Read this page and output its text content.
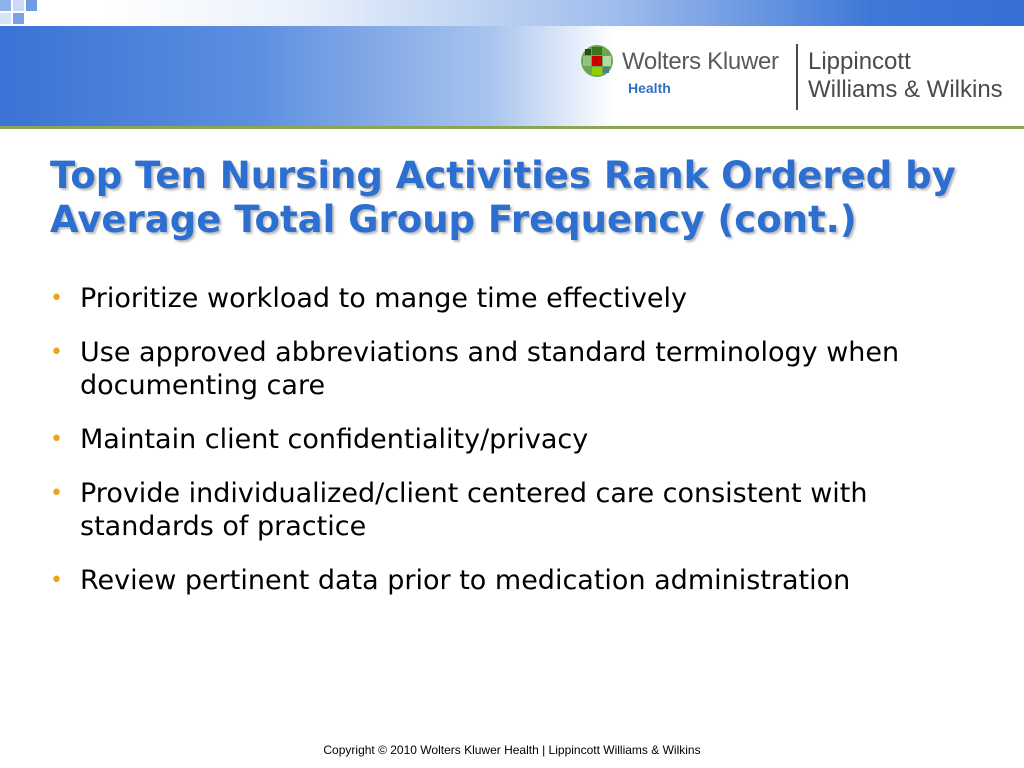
Wolters Kluwer
Health
Lippincott
Williams & Wilkins
Top Ten Nursing Activities Rank Ordered by Average Total Group Frequency (cont.)
• Prioritize workload to mange time effectively
• Use approved abbreviations and standard terminology when documenting care
• Maintain client confidentiality/privacy
• Provide individualized/client centered care consistent with standards of practice
• Review pertinent data prior to medication administration
Copyright © 2010 Wolters Kluwer Health | Lippincott Williams & Wilkins
